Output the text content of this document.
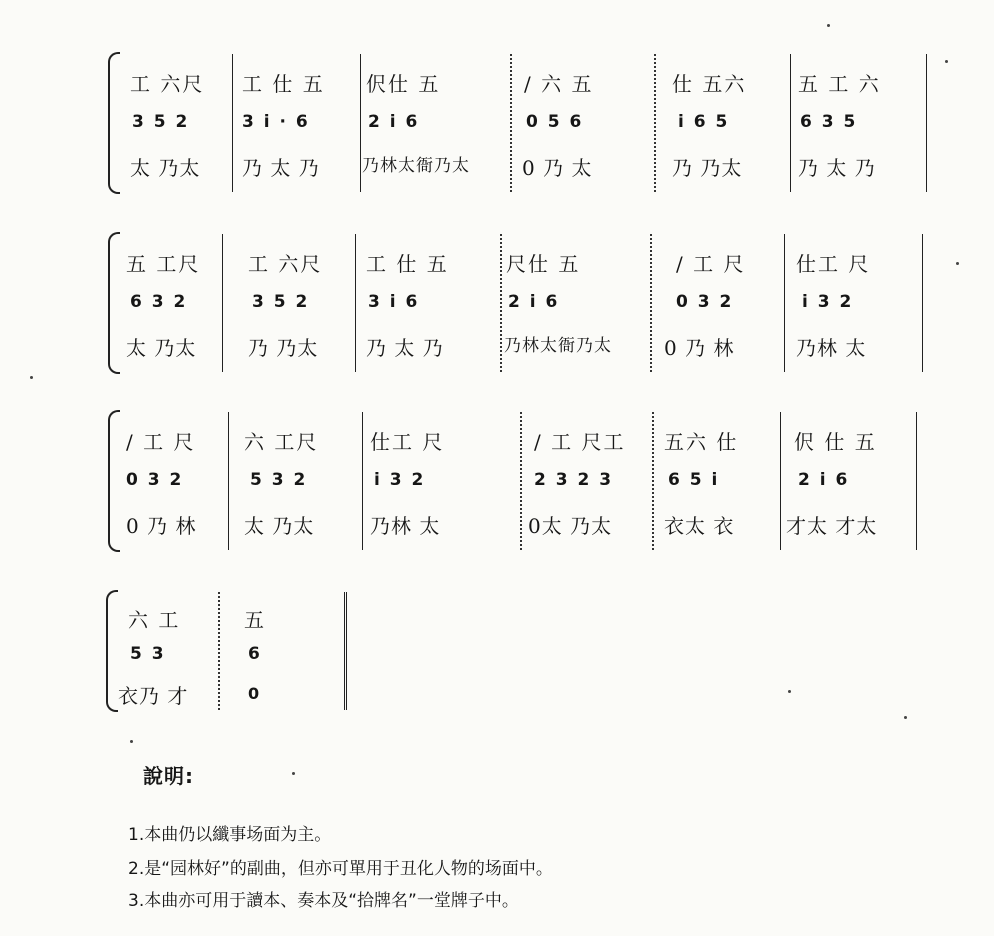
工 六尺
3 5 2
太 乃太
工 仕 五
3 i · 6
乃 太 乃
伬仕 五
2 i 6
乃林太衙乃太
/ 六 五
0 5 6
0 乃 太
仕 五六
i 6 5
乃 乃太
五 工 六
6 3 5
乃 太 乃
五 工尺
6 3 2
太 乃太
工 六尺
3 5 2
乃 乃太
工 仕 五
3 i 6
乃 太 乃
尺仕 五
2 i 6
乃林太衙乃太
/ 工 尺
0 3 2
0 乃 林
仕工 尺
i 3 2
乃林 太
/ 工 尺
0 3 2
0 乃 林
六 工尺
5 3 2
太 乃太
仕工 尺
i 3 2
乃林 太
/ 工 尺工
2 3 2 3
0太 乃太
五六 仕
6 5 i
衣太 衣
伬 仕 五
2 i 6
才太 才太
六 工
5 3
衣乃 才
五
6
0
說明:
1.本曲仍以纖事场面为主。
2.是“园林好”的副曲，但亦可單用于丑化人物的场面中。
3.本曲亦可用于讀本、奏本及“拾牌名”一堂牌子中。
